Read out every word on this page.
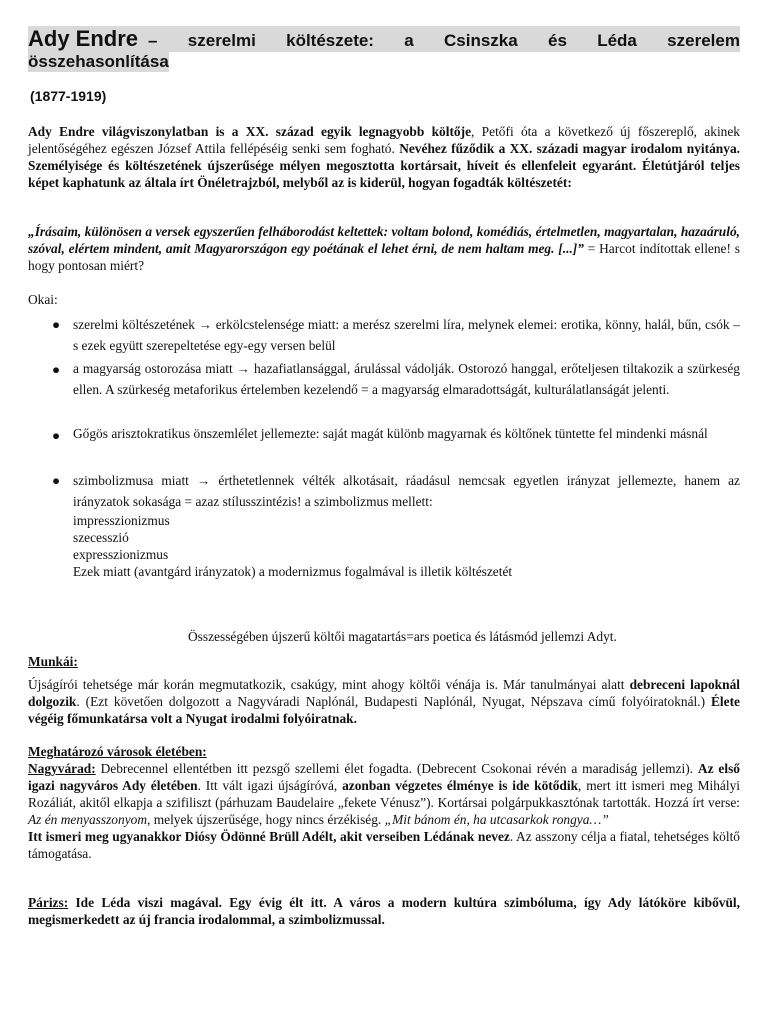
Ady Endre – szerelmi költészete: a Csinszka és Léda szerelem
összehasonlítása
(1877-1919)
Ady Endre világviszonylatban is a XX. század egyik legnagyobb költője, Petőfi óta a következő új főszereplő, akinek jelentőségéhez egészen József Attila fellépéséig senki sem fogható. Nevéhez fűződik a XX. századi magyar irodalom nyitánya. Személyisége és költészetének újszerűsége mélyen megosztotta kortársait, híveit és ellenfeleit egyaránt. Életútjáról teljes képet kaphatunk az általa írt Önéletrajzból, melyből az is kiderül, hogyan fogadták költészetét:
„Írásaim, különösen a versek egyszerűen felháborodást keltettek: voltam bolond, komédiás, értelmetlen, magyartalan, hazaáruló, szóval, elértem mindent, amit Magyarországon egy poétának el lehet érni, de nem haltam meg. [...]” = Harcot indítottak ellene! s hogy pontosan miért?
Okai:
● szerelmi költészetének → erkölcstelensége miatt: a merész szerelmi líra, melynek elemei: erotika, könny, halál, bűn, csók – s ezek együtt szerepeltetése egy-egy versen belül
● a magyarság ostorozása miatt → hazafiatlansággal, árulással vádolják. Ostorozó hanggal, erőteljesen tiltakozik a szürkeség ellen. A szürkeség metaforikus értelemben kezelendő = a magyarság elmaradottságát, kulturálatlanságát jelenti.
● Gőgös arisztokratikus önszemlélet jellemezte: saját magát különb magyarnak és költőnek tüntette fel mindenki másnál
● szimbolizmusa miatt → érthetetlennek vélték alkotásait, ráadásul nemcsak egyetlen irányzat jellemezte, hanem az irányzatok sokasága = azaz stílusszintézis! a szimbolizmus mellett:
impresszionizmus
szecesszió
expresszionizmus
Ezek miatt (avantgárd irányzatok) a modernizmus fogalmával is illetik költészetét
Összességében újszerű költői magatartás=ars poetica és látásmód jellemzi Adyt.
Munkái:
Újságírói tehetsége már korán megmutatkozik, csakúgy, mint ahogy költői vénája is. Már tanulmányai alatt debreceni lapoknál dolgozik. (Ezt követően dolgozott a Nagyváradi Naplónál, Budapesti Naplónál, Nyugat, Népszava című folyóiratoknál.) Élete végéig főmunkatársa volt a Nyugat irodalmi folyóiratnak.
Meghatározó városok életében:
Nagyvárad: Debrecennel ellentétben itt pezsgő szellemi élet fogadta. (Debrecent Csokonai révén a maradiság jellemzi). Az első igazi nagyváros Ady életében. Itt vált igazi újságíróvá, azonban végzetes élménye is ide kötődik, mert itt ismeri meg Mihályi Rozáliát, akitől elkapja a szifiliszt (párhuzam Baudelaire „fekete Vénusz”). Kortársai polgárpukkasztónak tartották. Hozzá írt verse: Az én menyasszonyom, melyek újszerűsége, hogy nincs érzékiség. „Mit bánom én, ha utcasarkok rongya…”
Itt ismeri meg ugyanakkor Diósy Ödönné Brüll Adélt, akit verseiben Lédának nevez. Az asszony célja a fiatal, tehetséges költő támogatása.
Párizs: Ide Léda viszi magával. Egy évig élt itt. A város a modern kultúra szimbóluma, így Ady látóköre kibővül, megismerkedett az új francia irodalommal, a szimbolizmussal.
